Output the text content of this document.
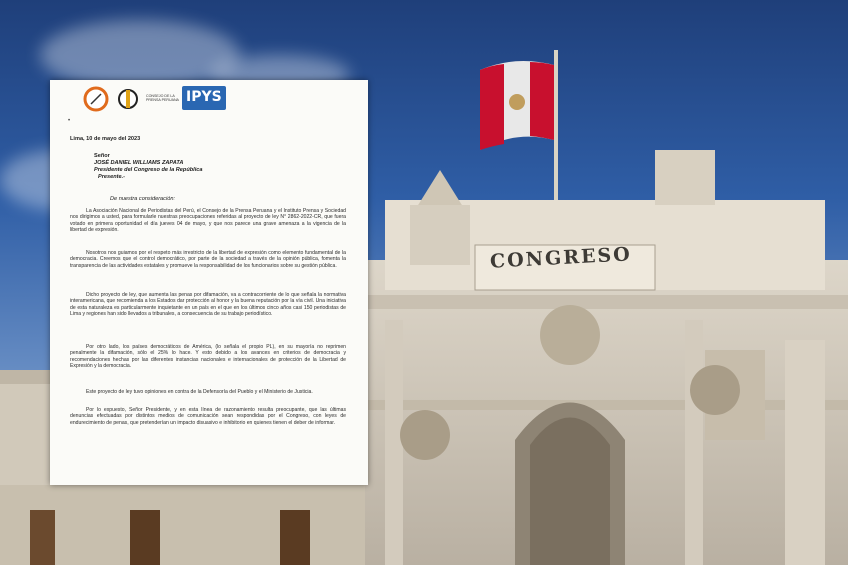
CONGRESO
CONSEJO DE LA PRENSA PERUANA IPYS
•
Lima, 10 de mayo del 2023
Señor
JOSÉ DANIEL WILLIAMS ZAPATA
Presidente del Congreso de la República
Presente.-
De nuestra consideración:
La Asociación Nacional de Periodistas del Perú, el Consejo de la Prensa Peruana y el Instituto Prensa y Sociedad nos dirigimos a usted, para formularle nuestras preocupaciones referidas al proyecto de ley N° 2862-2022-CR, que fuera votado en primera oportunidad el día jueves 04 de mayo, y que nos parece una grave amenaza a la vigencia de la libertad de expresión.
Nosotros nos guiamos por el respeto más irrestricto de la libertad de expresión como elemento fundamental de la democracia. Creemos que el control democrático, por parte de la sociedad a través de la opinión pública, fomenta la transparencia de las actividades estatales y promueve la responsabilidad de los funcionarios sobre su gestión pública.
Dicho proyecto de ley, que aumenta las penas por difamación, va a contracorriente de lo que señala la normativa interamericana, que recomienda a los Estados dar protección al honor y la buena reputación por la vía civil. Una iniciativa de esta naturaleza es particularmente inquietante en un país en el que en los últimos cinco años casi 150 periodistas de Lima y regiones han sido llevados a tribunales, a consecuencia de su trabajo periodístico.
Por otro lado, los países democráticos de América, (lo señala el propio PL), en su mayoría no reprimen penalmente la difamación, sólo el 25% lo hace. Y esto debido a los avances en criterios de democracia y recomendaciones hechas por las diferentes instancias nacionales e internacionales de protección de la Libertad de Expresión y la democracia.
Este proyecto de ley tuvo opiniones en contra de la Defensoría del Pueblo y el Ministerio de Justicia.
Por lo expuesto, Señor Presidente, y en esta línea de razonamiento resulta preocupante, que las últimas denuncias efectuadas por distintos medios de comunicación sean respondidas por el Congreso, con leyes de endurecimiento de penas, que pretenderían un impacto disuasivo e inhibitorio en quienes tienen el deber de informar.
